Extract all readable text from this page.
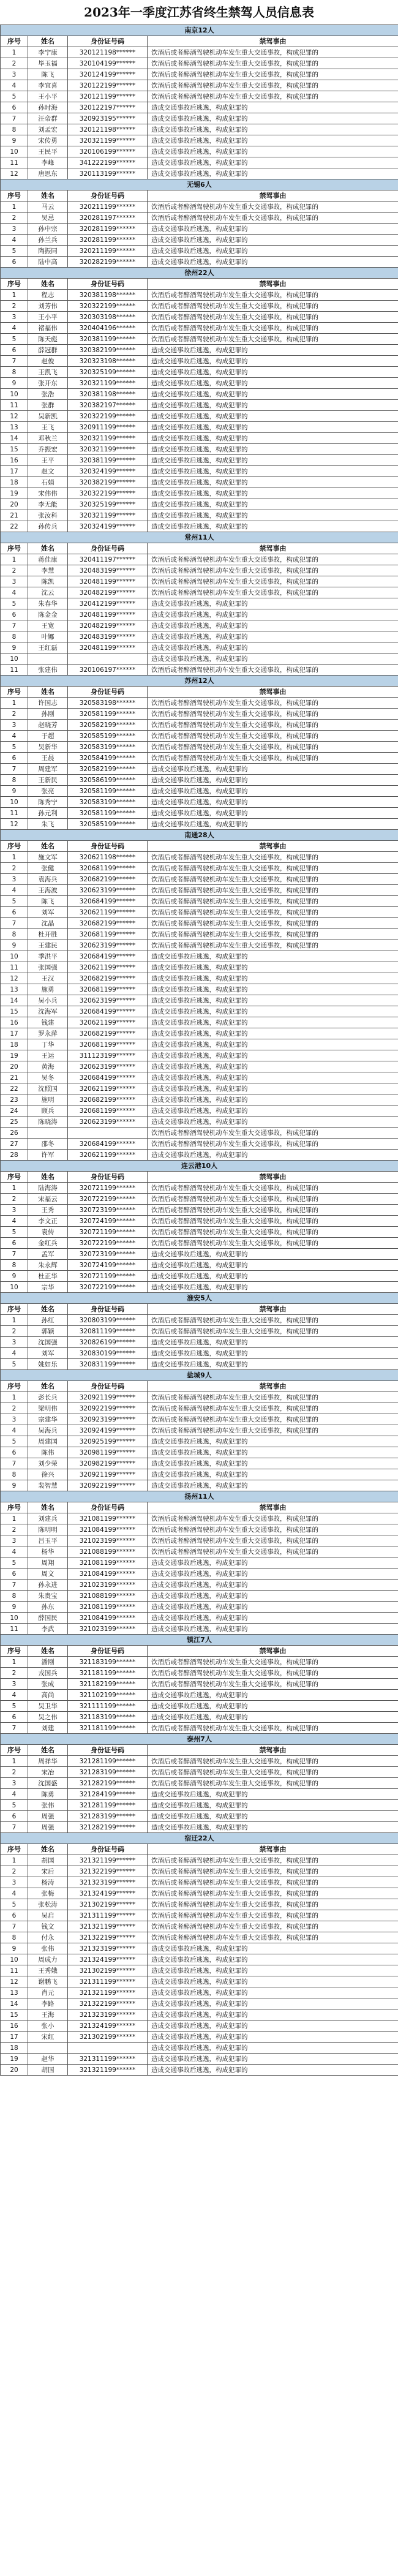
2023年一季度江苏省终生禁驾人员信息表
南京12人			
序号	姓名	身份证号码	禁驾事由
1	李宁康	320121198******	饮酒后或者醉酒驾驶机动车发生重大交通事故，构成犯罪的
2	毕玉福	320104199******	饮酒后或者醉酒驾驶机动车发生重大交通事故，构成犯罪的
3	陈飞	320124199******	饮酒后或者醉酒驾驶机动车发生重大交通事故，构成犯罪的
4	李宜喜	320122199******	饮酒后或者醉酒驾驶机动车发生重大交通事故，构成犯罪的
5	王小平	320121199******	饮酒后或者醉酒驾驶机动车发生重大交通事故，构成犯罪的
6	孙时海	320122197******	造成交通事故后逃逸，构成犯罪的
7	汪帝群	320923195******	造成交通事故后逃逸，构成犯罪的
8	刘孟宏	320121198******	造成交通事故后逃逸，构成犯罪的
9	宋传勇	320321199******	造成交通事故后逃逸，构成犯罪的
10	王民平	320106199******	造成交通事故后逃逸，构成犯罪的
11	李峰	341222199******	造成交通事故后逃逸，构成犯罪的
12	唐思东	320113199******	造成交通事故后逃逸，构成犯罪的
无锡6人			
序号	姓名	身份证号码	禁驾事由
1	马云	320211199******	饮酒后或者醉酒驾驶机动车发生重大交通事故，构成犯罪的
2	吴忌	320281197******	饮酒后或者醉酒驾驶机动车发生重大交通事故，构成犯罪的
3	孙中宗	320281199******	造成交通事故后逃逸，构成犯罪的
4	孙兰兵	320281199******	造成交通事故后逃逸，构成犯罪的
5	陶振同	320211199******	造成交通事故后逃逸，构成犯罪的
6	陆中高	320282199******	造成交通事故后逃逸，构成犯罪的
徐州22人			
序号	姓名	身份证号码	禁驾事由
1	程志	320381198******	饮酒后或者醉酒驾驶机动车发生重大交通事故，构成犯罪的
2	刘芳伟	320322199******	饮酒后或者醉酒驾驶机动车发生重大交通事故，构成犯罪的
3	王小平	320303198******	饮酒后或者醉酒驾驶机动车发生重大交通事故，构成犯罪的
4	褚福伟	320404196******	饮酒后或者醉酒驾驶机动车发生重大交通事故，构成犯罪的
5	陈天彪	320381199******	饮酒后或者醉酒驾驶机动车发生重大交通事故，构成犯罪的
6	薛冠群	320382199******	造成交通事故后逃逸，构成犯罪的
7	赵俊	320323198******	造成交通事故后逃逸，构成犯罪的
8	王凯飞	320325199******	造成交通事故后逃逸，构成犯罪的
9	张开东	320321199******	造成交通事故后逃逸，构成犯罪的
10	张浩	320381198******	造成交通事故后逃逸，构成犯罪的
11	张群	320382197******	造成交通事故后逃逸，构成犯罪的
12	吴新凯	320322199******	造成交通事故后逃逸，构成犯罪的
13	王飞	320911199******	造成交通事故后逃逸，构成犯罪的
14	邓秋兰	320321199******	造成交通事故后逃逸，构成犯罪的
15	乔振宏	320321199******	造成交通事故后逃逸，构成犯罪的
16	王平	320381199******	造成交通事故后逃逸，构成犯罪的
17	赵文	320324199******	造成交通事故后逃逸，构成犯罪的
18	石娟	320382199******	造成交通事故后逃逸，构成犯罪的
19	宋伟伟	320322199******	造成交通事故后逃逸，构成犯罪的
20	李无能	320325199******	造成交通事故后逃逸，构成犯罪的
21	张汝科	320321199******	造成交通事故后逃逸，构成犯罪的
22	孙传兵	320324199******	造成交通事故后逃逸，构成犯罪的
常州11人			
序号	姓名	身份证号码	禁驾事由
1	蒋佳康	320411197******	饮酒后或者醉酒驾驶机动车发生重大交通事故，构成犯罪的
2	李慧	320483199******	饮酒后或者醉酒驾驶机动车发生重大交通事故，构成犯罪的
3	陈凯	320481199******	饮酒后或者醉酒驾驶机动车发生重大交通事故，构成犯罪的
4	沈云	320482199******	饮酒后或者醉酒驾驶机动车发生重大交通事故，构成犯罪的
5	朱春华	320412199******	造成交通事故后逃逸，构成犯罪的
6	陈金金	320481199******	造成交通事故后逃逸，构成犯罪的
7	王宽	320482199******	造成交通事故后逃逸，构成犯罪的
8	叶娜	320483199******	造成交通事故后逃逸，构成犯罪的
9	王红磊	320481199******	造成交通事故后逃逸，构成犯罪的
10			造成交通事故后逃逸，构成犯罪的
11	张建伟	320106197******	饮酒后或者醉酒驾驶机动车发生重大交通事故，构成犯罪的
苏州12人			
序号	姓名	身份证号码	禁驾事由
1	许国志	320583198******	饮酒后或者醉酒驾驶机动车发生重大交通事故，构成犯罪的
2	孙刚	320581199******	饮酒后或者醉酒驾驶机动车发生重大交通事故，构成犯罪的
3	赵晓芳	320582199******	饮酒后或者醉酒驾驶机动车发生重大交通事故，构成犯罪的
4	于超	320585199******	饮酒后或者醉酒驾驶机动车发生重大交通事故，构成犯罪的
5	吴新华	320583199******	饮酒后或者醉酒驾驶机动车发生重大交通事故，构成犯罪的
6	王晨	320584199******	饮酒后或者醉酒驾驶机动车发生重大交通事故，构成犯罪的
7	周建军	320582199******	造成交通事故后逃逸，构成犯罪的
8	王新民	320586199******	造成交通事故后逃逸，构成犯罪的
9	张亮	320581199******	造成交通事故后逃逸，构成犯罪的
10	陈秀宁	320583199******	造成交通事故后逃逸，构成犯罪的
11	孙元利	320581199******	造成交通事故后逃逸，构成犯罪的
12	朱飞	320585199******	造成交通事故后逃逸，构成犯罪的
南通28人			
序号	姓名	身份证号码	禁驾事由
1	施文军	320621198******	饮酒后或者醉酒驾驶机动车发生重大交通事故，构成犯罪的
2	张健	320681199******	饮酒后或者醉酒驾驶机动车发生重大交通事故，构成犯罪的
3	袁海兵	320682199******	饮酒后或者醉酒驾驶机动车发生重大交通事故，构成犯罪的
4	王海波	320623199******	饮酒后或者醉酒驾驶机动车发生重大交通事故，构成犯罪的
5	陈飞	320684199******	饮酒后或者醉酒驾驶机动车发生重大交通事故，构成犯罪的
6	刘军	320621199******	饮酒后或者醉酒驾驶机动车发生重大交通事故，构成犯罪的
7	沈晶	320682199******	饮酒后或者醉酒驾驶机动车发生重大交通事故，构成犯罪的
8	杜开胜	320681199******	饮酒后或者醉酒驾驶机动车发生重大交通事故，构成犯罪的
9	王建民	320623199******	饮酒后或者醉酒驾驶机动车发生重大交通事故，构成犯罪的
10	季洪平	320684199******	造成交通事故后逃逸，构成犯罪的
11	张国强	320621199******	造成交通事故后逃逸，构成犯罪的
12	王汉	320682199******	造成交通事故后逃逸，构成犯罪的
13	施勇	320681199******	造成交通事故后逃逸，构成犯罪的
14	吴小兵	320623199******	造成交通事故后逃逸，构成犯罪的
15	沈海军	320684199******	造成交通事故后逃逸，构成犯罪的
16	钱建	320621199******	造成交通事故后逃逸，构成犯罪的
17	罗永萍	320682199******	造成交通事故后逃逸，构成犯罪的
18	丁华	320681199******	造成交通事故后逃逸，构成犯罪的
19	王运	311123199******	造成交通事故后逃逸，构成犯罪的
20	黄海	320623199******	造成交通事故后逃逸，构成犯罪的
21	吴冬	320684199******	造成交通事故后逃逸，构成犯罪的
22	沈照国	320621199******	造成交通事故后逃逸，构成犯罪的
23	施明	320682199******	造成交通事故后逃逸，构成犯罪的
24	顾兵	320681199******	造成交通事故后逃逸，构成犯罪的
25	陈晓涛	320623199******	造成交通事故后逃逸，构成犯罪的
26			饮酒后或者醉酒驾驶机动车发生重大交通事故，构成犯罪的
27	邵冬	320684199******	饮酒后或者醉酒驾驶机动车发生重大交通事故，构成犯罪的
28	许军	320621199******	造成交通事故后逃逸，构成犯罪的
连云港10人			
序号	姓名	身份证号码	禁驾事由
1	陆海涛	320721199******	饮酒后或者醉酒驾驶机动车发生重大交通事故，构成犯罪的
2	宋福云	320722199******	饮酒后或者醉酒驾驶机动车发生重大交通事故，构成犯罪的
3	王秀	320723199******	饮酒后或者醉酒驾驶机动车发生重大交通事故，构成犯罪的
4	李文正	320724199******	饮酒后或者醉酒驾驶机动车发生重大交通事故，构成犯罪的
5	袁传	320721199******	饮酒后或者醉酒驾驶机动车发生重大交通事故，构成犯罪的
6	金红兵	320722199******	饮酒后或者醉酒驾驶机动车发生重大交通事故，构成犯罪的
7	孟军	320723199******	造成交通事故后逃逸，构成犯罪的
8	朱永辉	320724199******	造成交通事故后逃逸，构成犯罪的
9	杜正华	320721199******	造成交通事故后逃逸，构成犯罪的
10	宗华	320722199******	造成交通事故后逃逸，构成犯罪的
淮安5人			
序号	姓名	身份证号码	禁驾事由
1	孙红	320803199******	饮酒后或者醉酒驾驶机动车发生重大交通事故，构成犯罪的
2	郭颖	320811199******	饮酒后或者醉酒驾驶机动车发生重大交通事故，构成犯罪的
3	沈国强	320826199******	造成交通事故后逃逸，构成犯罪的
4	刘军	320830199******	造成交通事故后逃逸，构成犯罪的
5	姚如乐	320831199******	造成交通事故后逃逸，构成犯罪的
盐城9人			
序号	姓名	身份证号码	禁驾事由
1	彭长兵	320921199******	饮酒后或者醉酒驾驶机动车发生重大交通事故，构成犯罪的
2	梁明伟	320922199******	饮酒后或者醉酒驾驶机动车发生重大交通事故，构成犯罪的
3	宗建华	320923199******	饮酒后或者醉酒驾驶机动车发生重大交通事故，构成犯罪的
4	吴海兵	320924199******	饮酒后或者醉酒驾驶机动车发生重大交通事故，构成犯罪的
5	周建国	320925199******	造成交通事故后逃逸，构成犯罪的
6	陈伟	320981199******	造成交通事故后逃逸，构成犯罪的
7	刘少荣	320982199******	造成交通事故后逃逸，构成犯罪的
8	徐兴	320921199******	造成交通事故后逃逸，构成犯罪的
9	裴智慧	320922199******	造成交通事故后逃逸，构成犯罪的
扬州11人			
序号	姓名	身份证号码	禁驾事由
1	刘建兵	321081199******	饮酒后或者醉酒驾驶机动车发生重大交通事故，构成犯罪的
2	陈明明	321084199******	饮酒后或者醉酒驾驶机动车发生重大交通事故，构成犯罪的
3	吕玉平	321023199******	饮酒后或者醉酒驾驶机动车发生重大交通事故，构成犯罪的
4	杨华	321088199******	饮酒后或者醉酒驾驶机动车发生重大交通事故，构成犯罪的
5	周翔	321081199******	造成交通事故后逃逸，构成犯罪的
6	周文	321084199******	造成交通事故后逃逸，构成犯罪的
7	孙永进	321023199******	造成交通事故后逃逸，构成犯罪的
8	朱贵宝	321088199******	造成交通事故后逃逸，构成犯罪的
9	孙东	321081199******	造成交通事故后逃逸，构成犯罪的
10	薛国民	321084199******	造成交通事故后逃逸，构成犯罪的
11	李武	321023199******	造成交通事故后逃逸，构成犯罪的
镇江7人			
序号	姓名	身份证号码	禁驾事由
1	潘刚	321183199******	饮酒后或者醉酒驾驶机动车发生重大交通事故，构成犯罪的
2	戎国兵	321181199******	饮酒后或者醉酒驾驶机动车发生重大交通事故，构成犯罪的
3	张成	321182199******	饮酒后或者醉酒驾驶机动车发生重大交通事故，构成犯罪的
4	高尚	321102199******	造成交通事故后逃逸，构成犯罪的
5	吴卫华	321111199******	造成交通事故后逃逸，构成犯罪的
6	吴之伟	321183199******	造成交通事故后逃逸，构成犯罪的
7	刘建	321181199******	饮酒后或者醉酒驾驶机动车发生重大交通事故，构成犯罪的
泰州7人			
序号	姓名	身份证号码	禁驾事由
1	周祥华	321281199******	饮酒后或者醉酒驾驶机动车发生重大交通事故，构成犯罪的
2	宋冶	321283199******	饮酒后或者醉酒驾驶机动车发生重大交通事故，构成犯罪的
3	沈国盛	321282199******	饮酒后或者醉酒驾驶机动车发生重大交通事故，构成犯罪的
4	陈勇	321284199******	造成交通事故后逃逸，构成犯罪的
5	张伟	321281199******	造成交通事故后逃逸，构成犯罪的
6	周强	321283199******	造成交通事故后逃逸，构成犯罪的
7	周强	321282199******	造成交通事故后逃逸，构成犯罪的
宿迁22人			
序号	姓名	身份证号码	禁驾事由
1	胡国	321321199******	饮酒后或者醉酒驾驶机动车发生重大交通事故，构成犯罪的
2	宋后	321322199******	饮酒后或者醉酒驾驶机动车发生重大交通事故，构成犯罪的
3	杨涛	321323199******	饮酒后或者醉酒驾驶机动车发生重大交通事故，构成犯罪的
4	张梅	321324199******	饮酒后或者醉酒驾驶机动车发生重大交通事故，构成犯罪的
5	张松涛	321302199******	饮酒后或者醉酒驾驶机动车发生重大交通事故，构成犯罪的
6	吴启	321311199******	饮酒后或者醉酒驾驶机动车发生重大交通事故，构成犯罪的
7	钱文	321321199******	饮酒后或者醉酒驾驶机动车发生重大交通事故，构成犯罪的
8	付永	321322199******	饮酒后或者醉酒驾驶机动车发生重大交通事故，构成犯罪的
9	张伟	321323199******	造成交通事故后逃逸，构成犯罪的
10	周成力	321324199******	造成交通事故后逃逸，构成犯罪的
11	王秀娥	321302199******	造成交通事故后逃逸，构成犯罪的
12	谢鹏飞	321311199******	造成交通事故后逃逸，构成犯罪的
13	肖元	321321199******	造成交通事故后逃逸，构成犯罪的
14	李路	321322199******	造成交通事故后逃逸，构成犯罪的
15	王海	321323199******	造成交通事故后逃逸，构成犯罪的
16	张小	321324199******	造成交通事故后逃逸，构成犯罪的
17	宋红	321302199******	造成交通事故后逃逸，构成犯罪的
18			造成交通事故后逃逸，构成犯罪的
19	赵华	321311199******	造成交通事故后逃逸，构成犯罪的
20	胡国	321321199******	造成交通事故后逃逸，构成犯罪的
